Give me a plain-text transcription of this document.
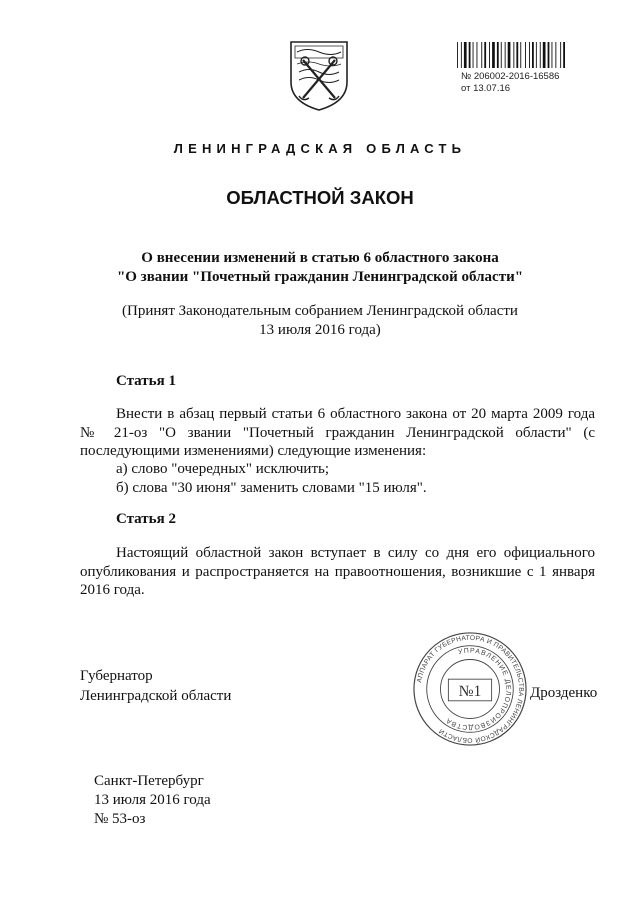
№ 206002-2016-16586
от 13.07.16
ЛЕНИНГРАДСКАЯ ОБЛАСТЬ
ОБЛАСТНОЙ ЗАКОН
О внесении изменений в статью 6 областного закона
"О звании "Почетный гражданин Ленинградской области"
(Принят Законодательным собранием Ленинградской области
13 июля 2016 года)
Статья 1

Внести в абзац первый статьи 6 областного закона от 20 марта 2009 года № 21-оз "О звании "Почетный гражданин Ленинградской области" (с последующими изменениями) следующие изменения:

а) слово "очередных" исключить;
б) слова "30 июня" заменить словами "15 июля".
Статья 2

Настоящий областной закон вступает в силу со дня его официального опубликования и распространяется на правоотношения, возникшие с 1 января 2016 года.

Губернатор
Ленинградской области
АППАРАТ ГУБЕРНАТОРА И ПРАВИТЕЛЬСТВА ЛЕНИНГРАДСКОЙ ОБЛАСТИ
УПРАВЛЕНИЕ ДЕЛОПРОИЗВОДСТВА
№1	Дрозденко
Санкт-Петербург
13 июля 2016 года
№ 53-оз
